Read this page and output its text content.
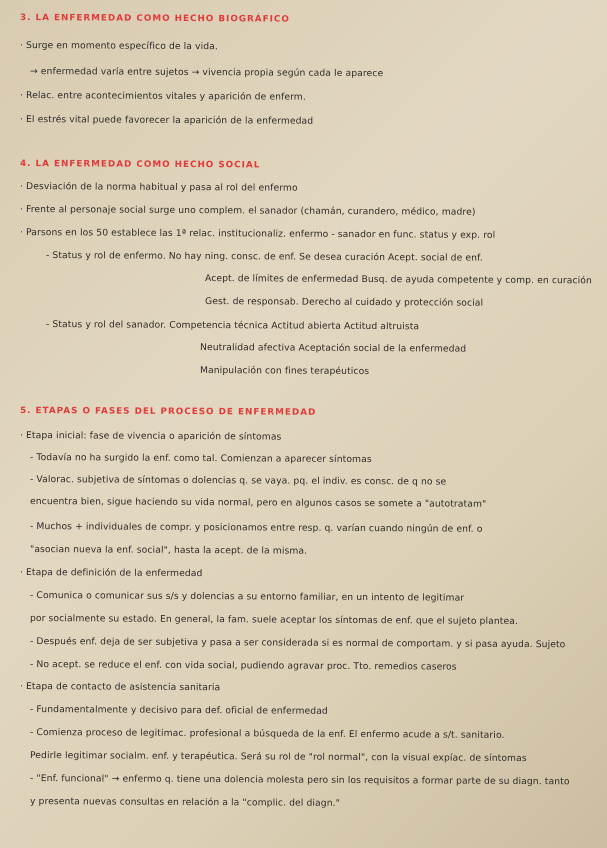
3. LA ENFERMEDAD COMO HECHO BIOGRÁFICO
· Surge en momento específico de la vida.
→ enfermedad varía entre sujetos → vivencia propia según cada le aparece
· Relac. entre acontecimientos vitales y aparición de enferm.
· El estrés vital puede favorecer la aparición de la enfermedad
4. LA ENFERMEDAD COMO HECHO SOCIAL
· Desviación de la norma habitual y pasa al rol del enfermo
· Frente al personaje social surge uno complem. el sanador (chamán, curandero, médico, madre)
· Parsons en los 50 establece las 1ª relac. institucionaliz. enfermo - sanador en func. status y exp. rol
- Status y rol de enfermo. No hay ning. consc. de enf. Se desea curación Acept. social de enf.
Acept. de límites de enfermedad Busq. de ayuda competente y comp. en curación
Gest. de responsab. Derecho al cuidado y protección social
- Status y rol del sanador. Competencia técnica Actitud abierta Actitud altruista
Neutralidad afectiva Aceptación social de la enfermedad
Manipulación con fines terapéuticos
5. ETAPAS O FASES DEL PROCESO DE ENFERMEDAD
· Etapa inicial: fase de vivencia o aparición de síntomas
- Todavía no ha surgido la enf. como tal. Comienzan a aparecer síntomas
- Valorac. subjetiva de síntomas o dolencias q. se vaya. pq. el indiv. es consc. de q no se
encuentra bien, sigue haciendo su vida normal, pero en algunos casos se somete a "autotratam"
- Muchos + individuales de compr. y posicionamos entre resp. q. varían cuando ningún de enf. o
"asocian nueva la enf. social", hasta la acept. de la misma.
· Etapa de definición de la enfermedad
- Comunica o comunicar sus s/s y dolencias a su entorno familiar, en un intento de legitimar
por socialmente su estado. En general, la fam. suele aceptar los síntomas de enf. que el sujeto plantea.
- Después enf. deja de ser subjetiva y pasa a ser considerada si es normal de comportam. y si pasa ayuda. Sujeto
- No acept. se reduce el enf. con vida social, pudiendo agravar proc. Tto. remedios caseros
· Etapa de contacto de asistencia sanitaria
- Fundamentalmente y decisivo para def. oficial de enfermedad
- Comienza proceso de legitimac. profesional a búsqueda de la enf. El enfermo acude a s/t. sanitario.
Pedirle legitimar socialm. enf. y terapéutica. Será su rol de "rol normal", con la visual expíac. de síntomas
- "Enf. funcional" → enfermo q. tiene una dolencia molesta pero sin los requisitos a formar parte de su diagn. tanto
y presenta nuevas consultas en relación a la "complic. del diagn."
